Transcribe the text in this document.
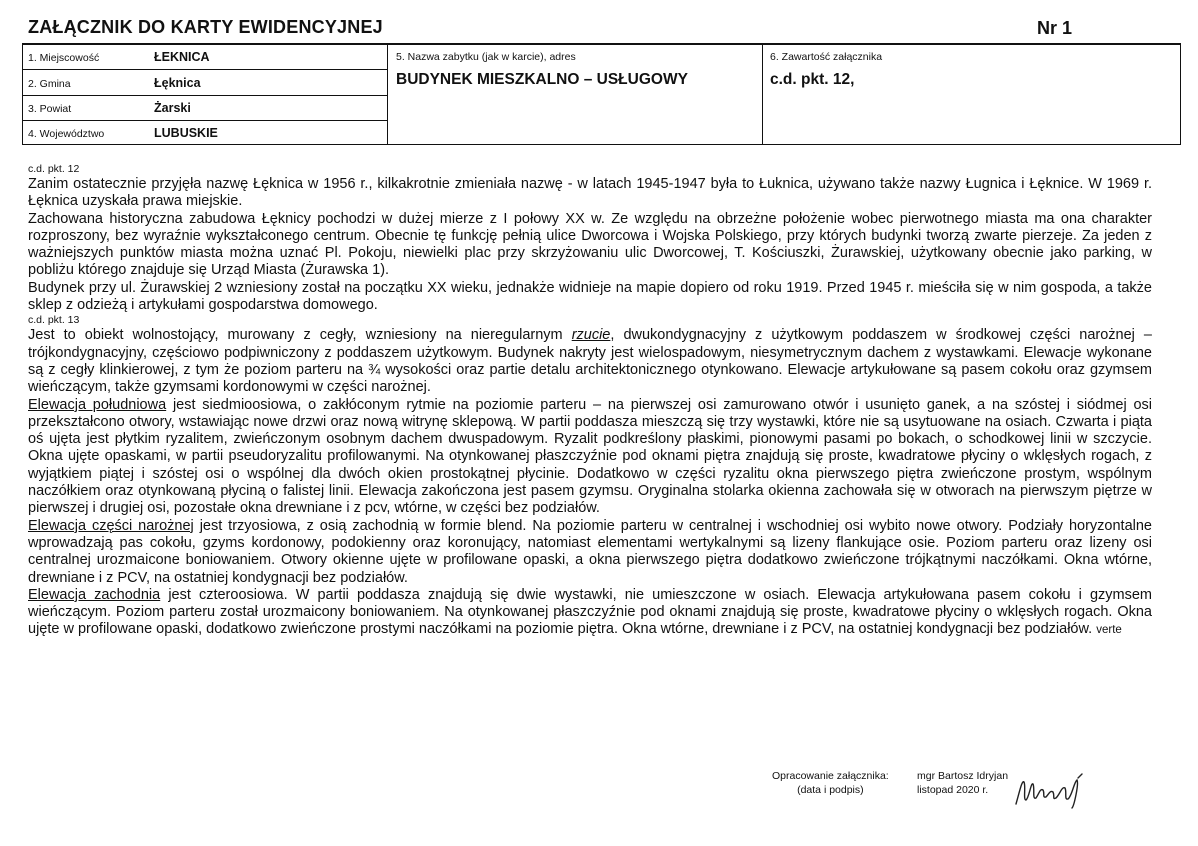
ZAŁĄCZNIK DO KARTY EWIDENCYJNEJ	Nr 1
1. Miejscowość	ŁEKNICA
2. Gmina	Łęknica
3. Powiat	Żarski
4. Województwo	LUBUSKIE
5. Nazwa zabytku (jak w karcie), adres
BUDYNEK MIESZKALNO – USŁUGOWY
6. Zawartość załącznika
c.d. pkt. 12,
c.d. pkt. 12

Zanim ostatecznie przyjęła nazwę Łęknica w 1956 r., kilkakrotnie zmieniała nazwę - w latach 1945-1947 była to Łuknica, używano także nazwy Ługnica i Łęknice. W 1969 r. Łęknica uzyskała prawa miejskie.

Zachowana historyczna zabudowa Łęknicy pochodzi w dużej mierze z I połowy XX w. Ze względu na obrzeżne położenie wobec pierwotnego miasta ma ona charakter rozproszony, bez wyraźnie wykształconego centrum. Obecnie tę funkcję pełnią ulice Dworcowa i Wojska Polskiego, przy których budynki tworzą zwarte pierzeje. Za jeden z ważniejszych punktów miasta można uznać Pl. Pokoju, niewielki plac przy skrzyżowaniu ulic Dworcowej, T. Kościuszki, Żurawskiej, użytkowany obecnie jako parking, w pobliżu którego znajduje się Urząd Miasta (Żurawska 1).

Budynek przy ul. Żurawskiej 2 wzniesiony został na początku XX wieku, jednakże widnieje na mapie dopiero od roku 1919. Przed 1945 r. mieściła się w nim gospoda, a także sklep z odzieżą i artykułami gospodarstwa domowego.

c.d. pkt. 13

Jest to obiekt wolnostojący, murowany z cegły, wzniesiony na nieregularnym rzucie, dwukondygnacyjny z użytkowym poddaszem w środkowej części narożnej – trójkondygnacyjny, częściowo podpiwniczony z poddaszem użytkowym. Budynek nakryty jest wielospadowym, niesymetrycznym dachem z wystawkami. Elewacje wykonane są z cegły klinkierowej, z tym że poziom parteru na ¾ wysokości oraz partie detalu architektonicznego otynkowano. Elewacje artykułowane są pasem cokołu oraz gzymsem wieńczącym, także gzymsami kordonowymi w części narożnej.

Elewacja południowa jest siedmioosiowa, o zakłóconym rytmie na poziomie parteru – na pierwszej osi zamurowano otwór i usunięto ganek, a na szóstej i siódmej osi przekształcono otwory, wstawiając nowe drzwi oraz nową witrynę sklepową. W partii poddasza mieszczą się trzy wystawki, które nie są usytuowane na osiach. Czwarta i piąta oś ujęta jest płytkim ryzalitem, zwieńczonym osobnym dachem dwuspadowym. Ryzalit podkreślony płaskimi, pionowymi pasami po bokach, o schodkowej linii w szczycie. Okna ujęte opaskami, w partii pseudoryzalitu profilowanymi. Na otynkowanej płaszczyźnie pod oknami piętra znajdują się proste, kwadratowe płyciny o wklęsłych rogach, z wyjątkiem piątej i szóstej osi o wspólnej dla dwóch okien prostokątnej płycinie. Dodatkowo w części ryzalitu okna pierwszego piętra zwieńczone prostym, wspólnym naczółkiem oraz otynkowaną płyciną o falistej linii. Elewacja zakończona jest pasem gzymsu. Oryginalna stolarka okienna zachowała się w otworach na pierwszym piętrze w pierwszej i drugiej osi, pozostałe okna drewniane i z pcv, wtórne, w części bez podziałów.

Elewacja części narożnej jest trzyosiowa, z osią zachodnią w formie blend. Na poziomie parteru w centralnej i wschodniej osi wybito nowe otwory. Podziały horyzontalne wprowadzają pas cokołu, gzyms kordonowy, podokienny oraz koronujący, natomiast elementami wertykalnymi są lizeny flankujące osie. Poziom parteru oraz lizeny osi centralnej urozmaicone boniowaniem. Otwory okienne ujęte w profilowane opaski, a okna pierwszego piętra dodatkowo zwieńczone trójkątnymi naczółkami. Okna wtórne, drewniane i z PCV, na ostatniej kondygnacji bez podziałów.

Elewacja zachodnia jest czteroosiowa. W partii poddasza znajdują się dwie wystawki, nie umieszczone w osiach. Elewacja artykułowana pasem cokołu i gzymsem wieńczącym. Poziom parteru został urozmaicony boniowaniem. Na otynkowanej płaszczyźnie pod oknami znajdują się proste, kwadratowe płyciny o wklęsłych rogach. Okna ujęte w profilowane opaski, dodatkowo zwieńczone prostymi naczółkami na poziomie piętra. Okna wtórne, drewniane i z PCV, na ostatniej kondygnacji bez podziałów. verte

Opracowanie załącznika:
(data i podpis)
mgr Bartosz Idryjan
listopad 2020 r.
